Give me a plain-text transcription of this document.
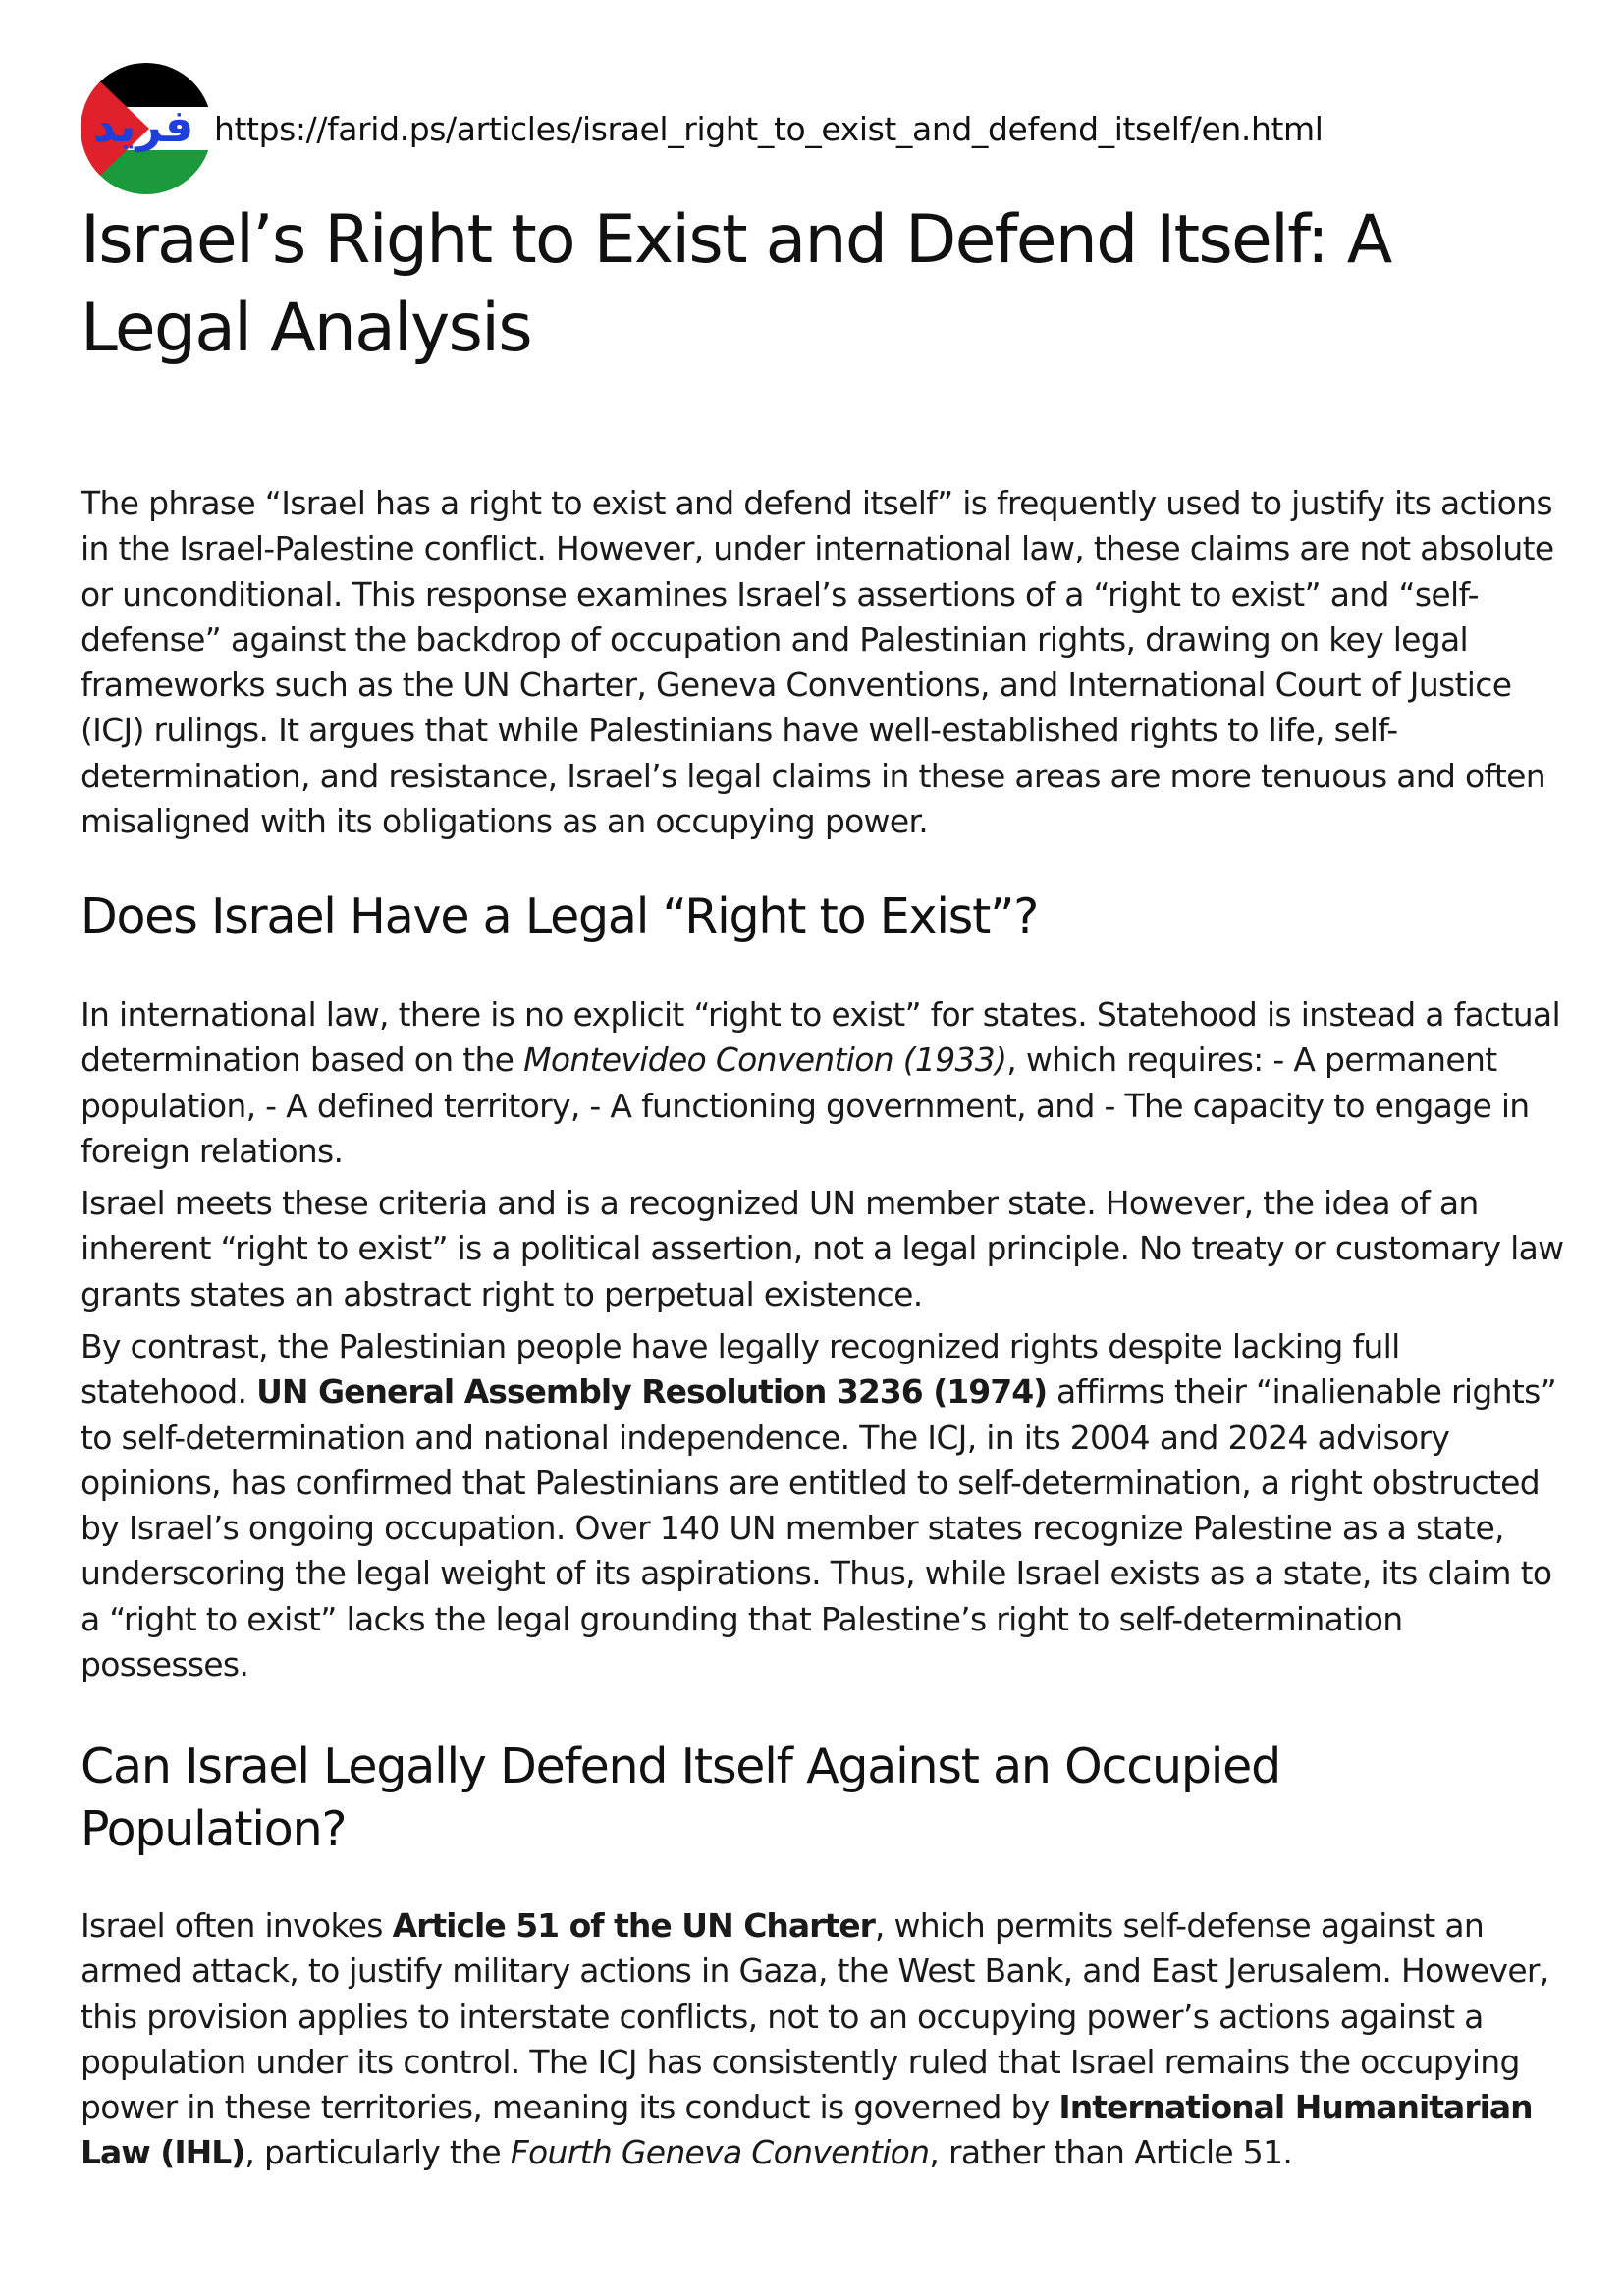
فريد https://farid.ps/articles/israel_right_to_exist_and_defend_itself/en.html
Israel’s Right to Exist and Defend Itself: A Legal Analysis

The phrase “Israel has a right to exist and defend itself” is frequently used to justify its actions in the Israel-Palestine conflict. However, under international law, these claims are not absolute or unconditional. This response examines Israel’s assertions of a “right to exist” and “self-defense” against the backdrop of occupation and Palestinian rights, drawing on key legal frameworks such as the UN Charter, Geneva Conventions, and International Court of Justice (ICJ) rulings. It argues that while Palestinians have well-established rights to life, self-determination, and resistance, Israel’s legal claims in these areas are more tenuous and often misaligned with its obligations as an occupying power.

Does Israel Have a Legal “Right to Exist”?

In international law, there is no explicit “right to exist” for states. Statehood is instead a factual determination based on the Montevideo Convention (1933), which requires: - A permanent population, - A defined territory, - A functioning government, and - The capacity to engage in foreign relations.

Israel meets these criteria and is a recognized UN member state. However, the idea of an inherent “right to exist” is a political assertion, not a legal principle. No treaty or customary law grants states an abstract right to perpetual existence.

By contrast, the Palestinian people have legally recognized rights despite lacking full statehood. UN General Assembly Resolution 3236 (1974) affirms their “inalienable rights” to self-determination and national independence. The ICJ, in its 2004 and 2024 advisory opinions, has confirmed that Palestinians are entitled to self-determination, a right obstructed by Israel’s ongoing occupation. Over 140 UN member states recognize Palestine as a state, underscoring the legal weight of its aspirations. Thus, while Israel exists as a state, its claim to a “right to exist” lacks the legal grounding that Palestine’s right to self-determination possesses.

Can Israel Legally Defend Itself Against an Occupied Population?

Israel often invokes Article 51 of the UN Charter, which permits self-defense against an armed attack, to justify military actions in Gaza, the West Bank, and East Jerusalem. However, this provision applies to interstate conflicts, not to an occupying power’s actions against a population under its control. The ICJ has consistently ruled that Israel remains the occupying power in these territories, meaning its conduct is governed by International Humanitarian Law (IHL), particularly the Fourth Geneva Convention, rather than Article 51.
